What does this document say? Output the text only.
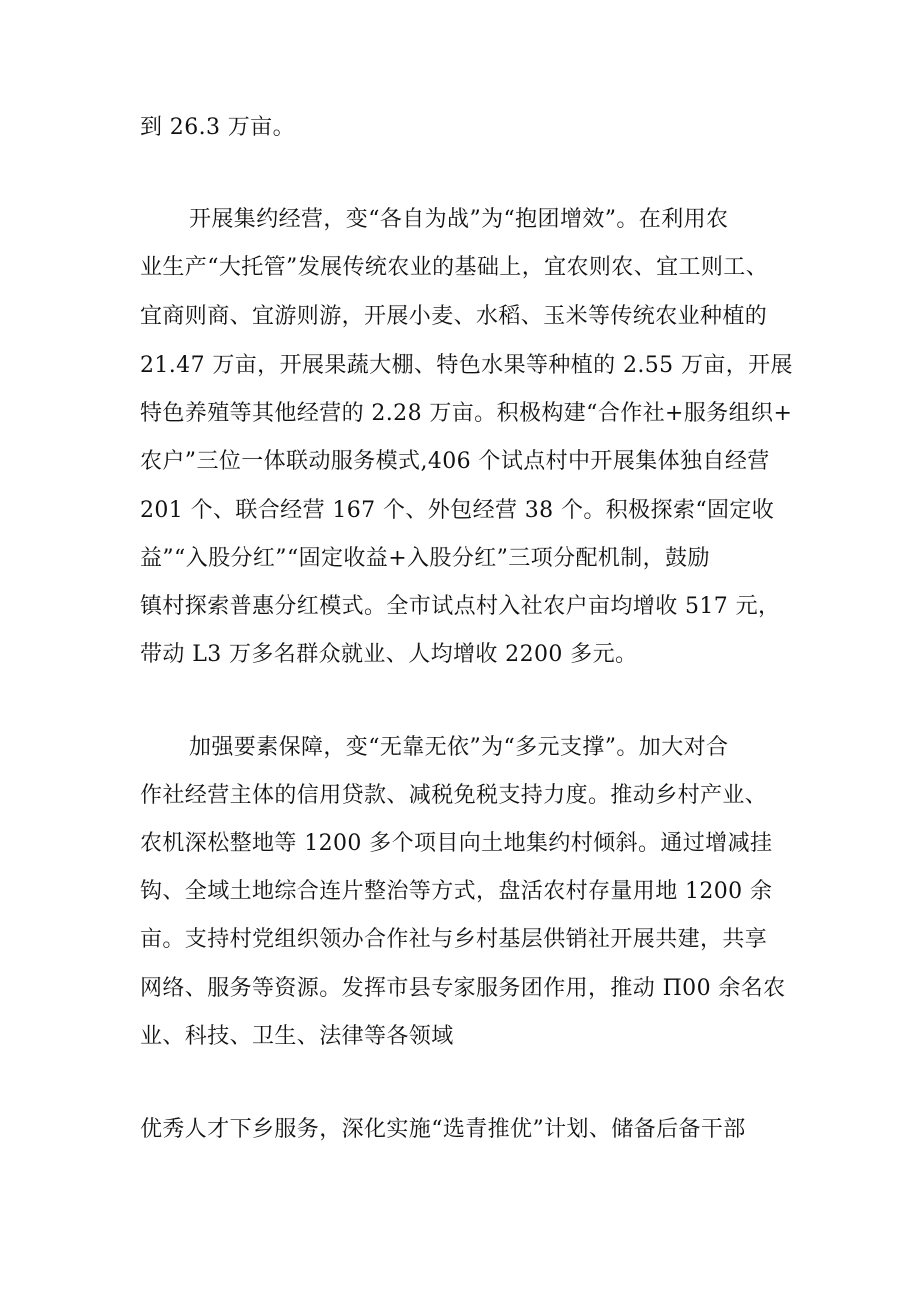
到 26.3 万亩。
开展集约经营，变“各自为战”为“抱团增效”。在利用农
业生产“大托管”发展传统农业的基础上，宜农则农、宜工则工、
宜商则商、宜游则游，开展小麦、水稻、玉米等传统农业种植的
21.47 万亩，开展果蔬大棚、特色水果等种植的 2.55 万亩，开展
特色养殖等其他经营的 2.28 万亩。积极构建“合作社+服务组织+
农户”三位一体联动服务模式,406 个试点村中开展集体独自经营
201 个、联合经营 167 个、外包经营 38 个。积极探索“固定收
益”“入股分红”“固定收益+入股分红”三项分配机制，鼓励
镇村探索普惠分红模式。全市试点村入社农户亩均增收 517 元，
带动 L3 万多名群众就业、人均增收 2200 多元。
加强要素保障，变“无靠无依”为“多元支撑”。加大对合
作社经营主体的信用贷款、减税免税支持力度。推动乡村产业、
农机深松整地等 1200 多个项目向土地集约村倾斜。通过增减挂
钩、全域土地综合连片整治等方式，盘活农村存量用地 1200 余
亩。支持村党组织领办合作社与乡村基层供销社开展共建，共享
网络、服务等资源。发挥市县专家服务团作用，推动 П00 余名农
业、科技、卫生、法律等各领域
优秀人才下乡服务，深化实施“选青推优”计划、储备后备干部
